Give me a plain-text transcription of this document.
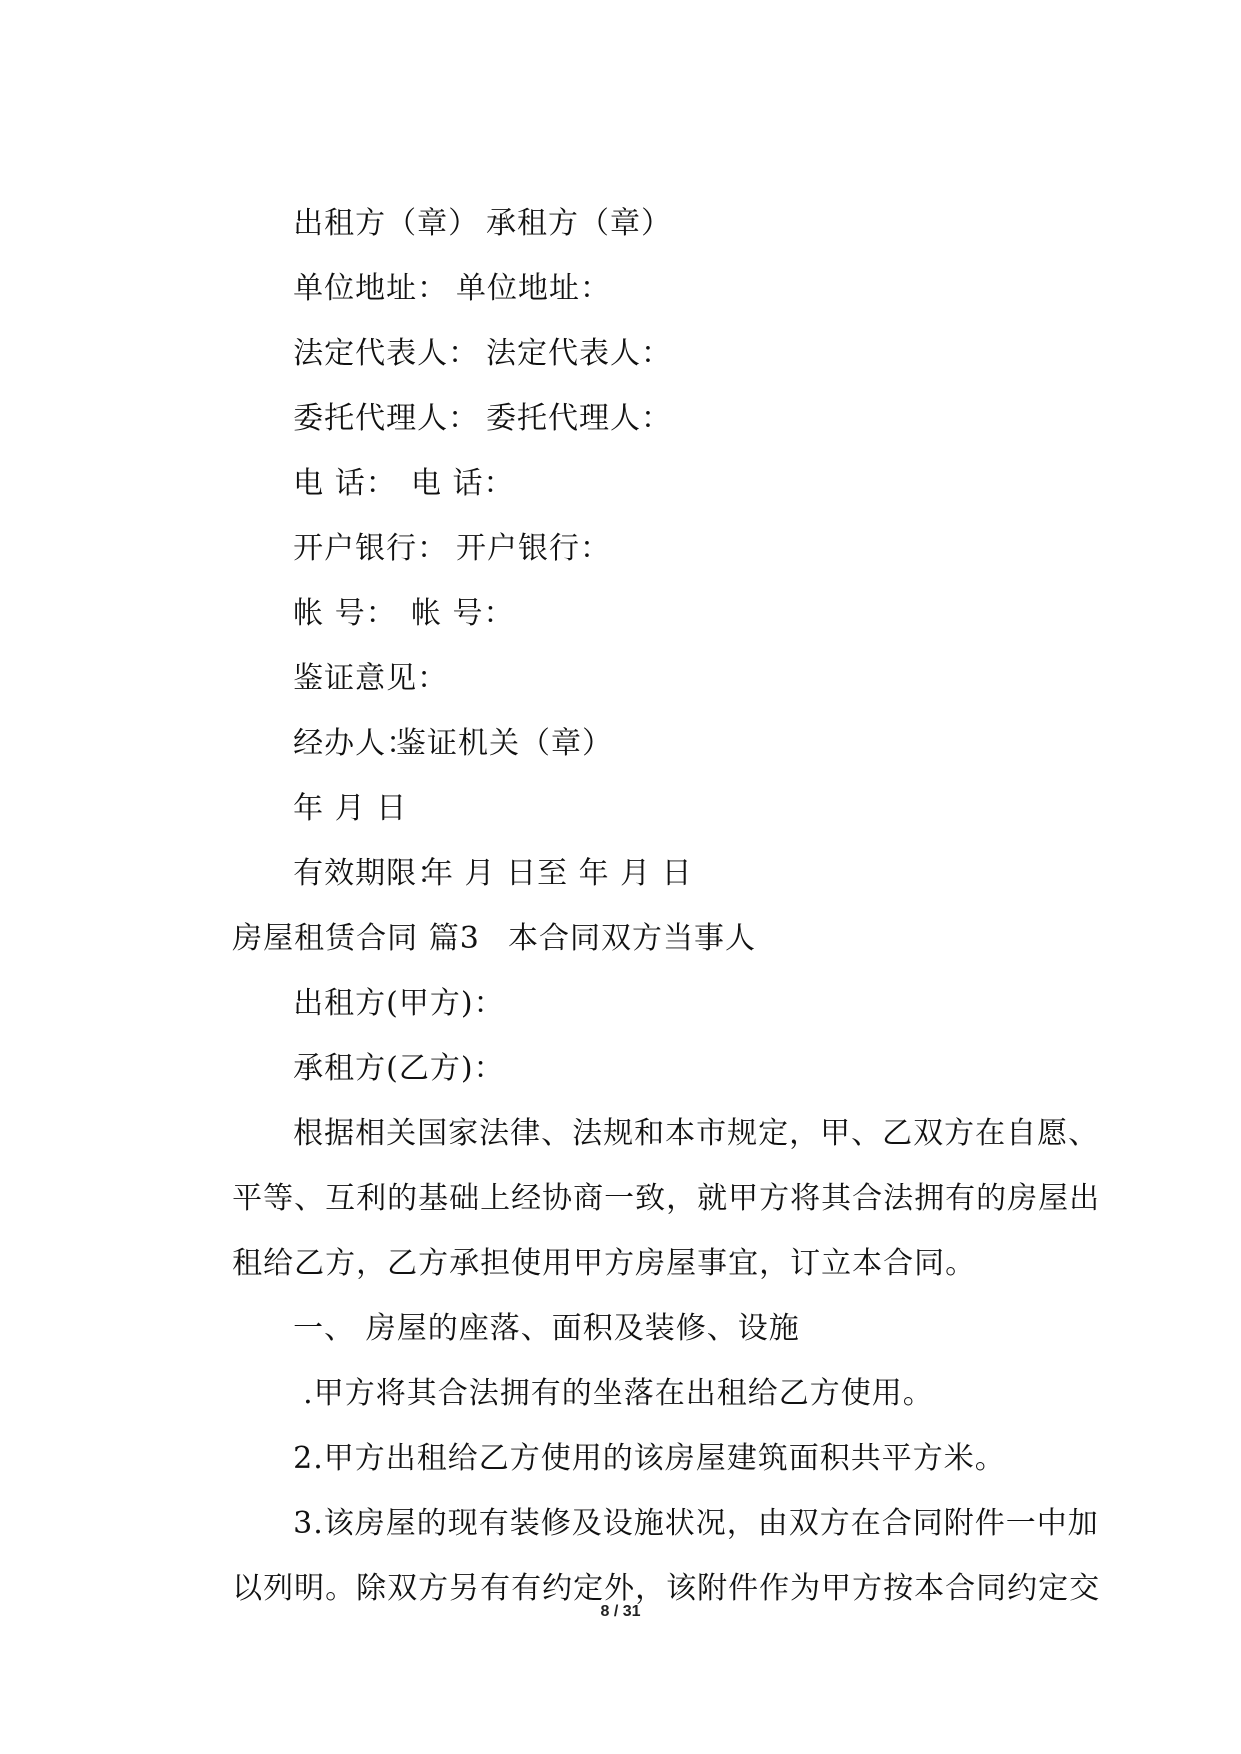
出租方（章） 承租方（章）

单位地址： 单位地址：

法定代表人： 法定代表人：

委托代理人： 委托代理人：

电 话： 电 话：

开户银行： 开户银行：

帐 号： 帐 号：

鉴证意见：

经办人：
鉴证机关（章）

年 月 日

有效期限：
年 月 日至 年 月 日

房屋租赁合同 篇3 本合同双方当事人

出租方(甲方)：

承租方(乙方)：

根据相关国家法律、法规和本市规定，甲、乙双方在自愿、

平等、互利的基础上经协商一致，就甲方将其合法拥有的房屋出

租给乙方，乙方承担使用甲方房屋事宜，订立本合同。

一、 房屋的座落、面积及装修、设施

.甲方将其合法拥有的坐落在出租给乙方使用。

2.甲方出租给乙方使用的该房屋建筑面积共平方米。

3.该房屋的现有装修及设施状况，由双方在合同附件一中加

以列明。除双方另有有约定外，该附件作为甲方按本合同约定交

8 / 31
